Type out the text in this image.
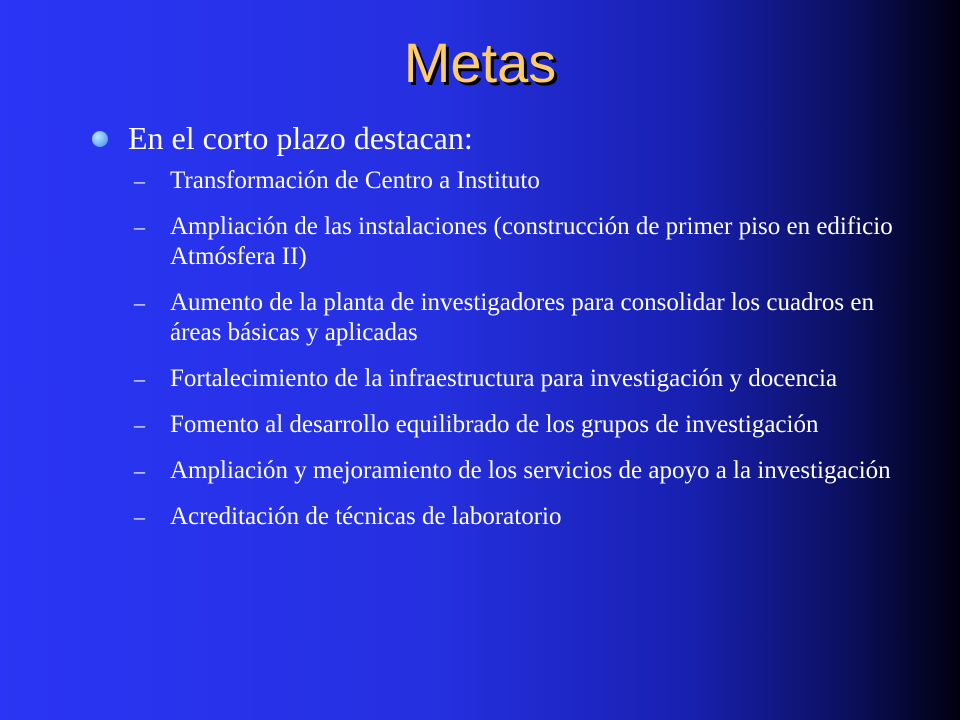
Metas
En el corto plazo destacan:
– Transformación de Centro a Instituto
– Ampliación de las instalaciones (construcción de primer piso en edificio Atmósfera II)
– Aumento de la planta de investigadores para consolidar los cuadros en áreas básicas y aplicadas
– Fortalecimiento de la infraestructura para investigación y docencia
– Fomento al desarrollo equilibrado de los grupos de investigación
– Ampliación y mejoramiento de los servicios de apoyo a la investigación
– Acreditación de técnicas de laboratorio
